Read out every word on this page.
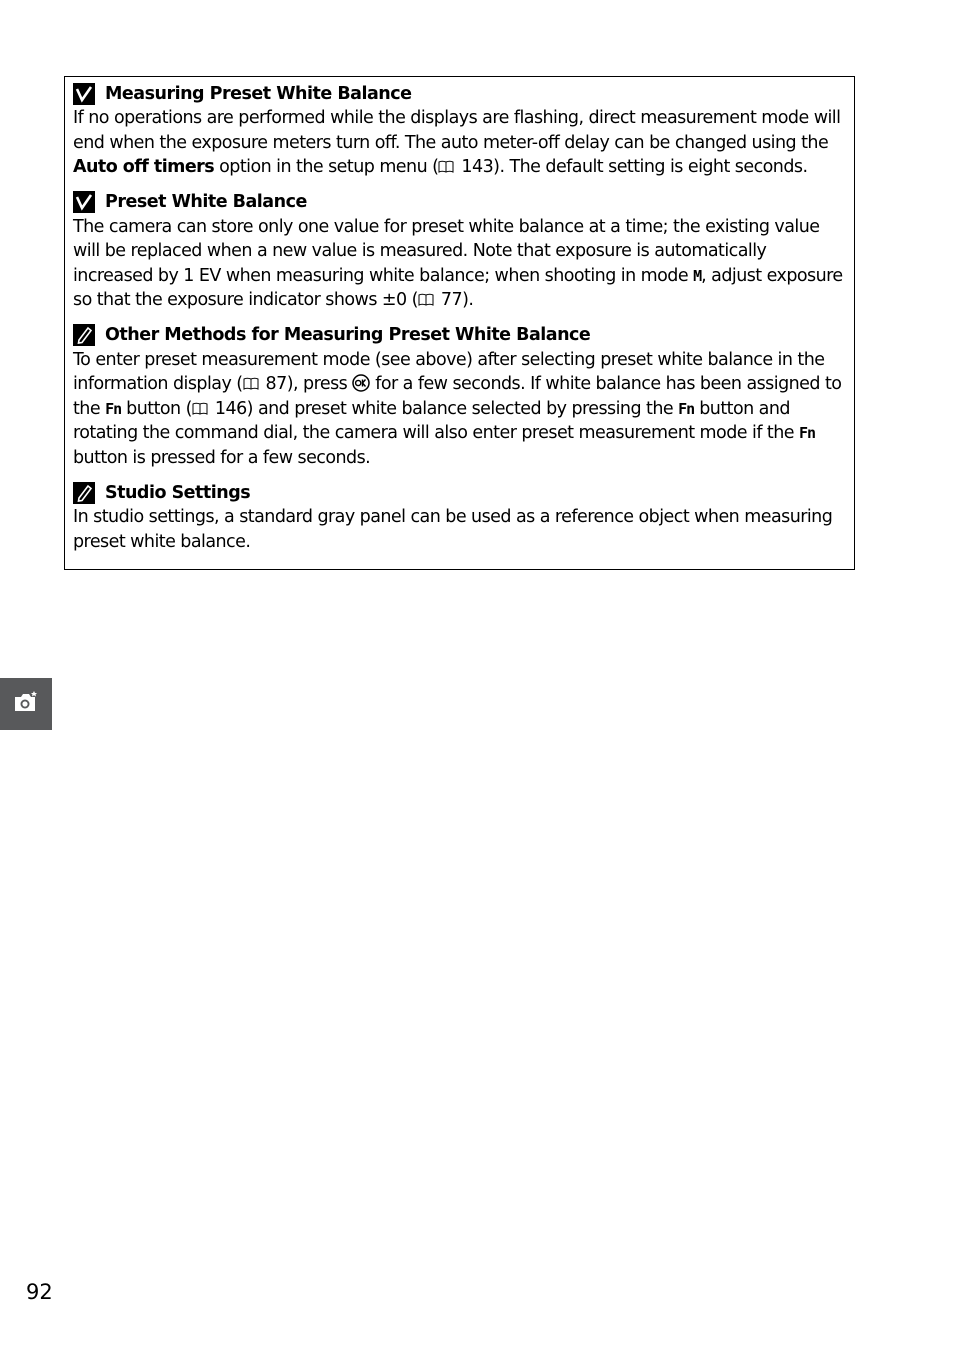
Measuring Preset White Balance
If no operations are performed while the displays are flashing, direct measurement mode will end when the exposure meters turn off. The auto meter-off delay can be changed using the Auto off timers option in the setup menu ( 143). The default setting is eight seconds.
Preset White Balance
The camera can store only one value for preset white balance at a time; the existing value will be replaced when a new value is measured. Note that exposure is automatically increased by 1 EV when measuring white balance; when shooting in mode M, adjust exposure so that the exposure indicator shows ±0 ( 77).
Other Methods for Measuring Preset White Balance
To enter preset measurement mode (see above) after selecting preset white balance in the information display ( 87), press  for a few seconds. If white balance has been assigned to the Fn button ( 146) and preset white balance selected by pressing the Fn button and rotating the command dial, the camera will also enter preset measurement mode if the Fn button is pressed for a few seconds.
Studio Settings
In studio settings, a standard gray panel can be used as a reference object when measuring preset white balance.
92
